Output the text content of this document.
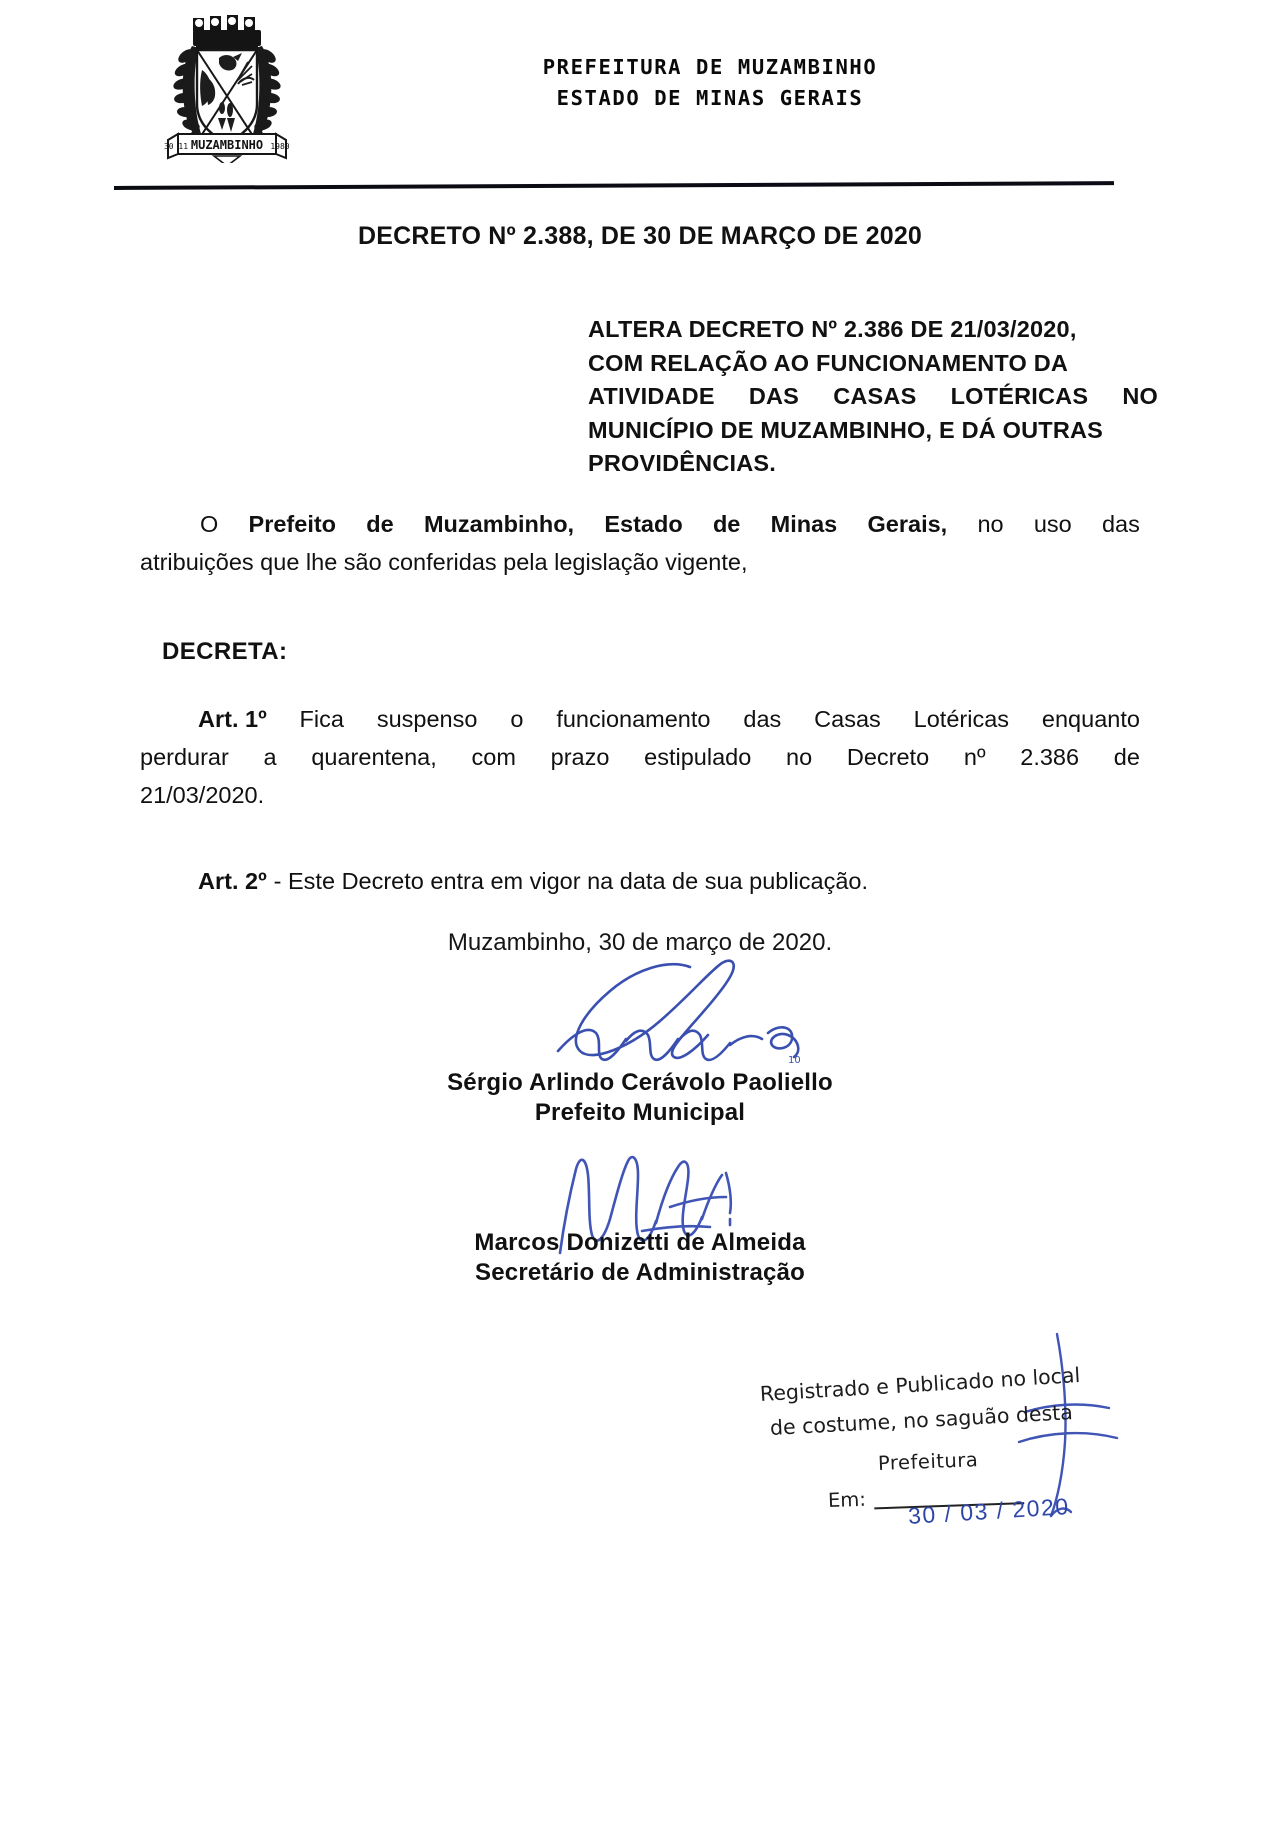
MUZAMBINHO
30 11	1980
PREFEITURA DE MUZAMBINHO
ESTADO DE MINAS GERAIS
DECRETO Nº 2.388, DE 30 DE MARÇO DE 2020
ALTERA DECRETO Nº 2.386 DE 21/03/2020,
COM RELAÇÃO AO FUNCIONAMENTO DA
ATIVIDADE DAS CASAS LOTÉRICAS NO
MUNICÍPIO DE MUZAMBINHO, E DÁ OUTRAS
PROVIDÊNCIAS.
O Prefeito de Muzambinho, Estado de Minas Gerais, no uso das
atribuições que lhe são conferidas pela legislação vigente,
DECRETA:
Art. 1º Fica suspenso o funcionamento das Casas Lotéricas enquanto
perdurar a quarentena, com prazo estipulado no Decreto nº 2.386 de
21/03/2020.
Art. 2º - Este Decreto entra em vigor na data de sua publicação.
Muzambinho, 30 de março de 2020.
10
Sérgio Arlindo Cerávolo Paoliello
Prefeito Municipal
Marcos Donizetti de Almeida
Secretário de Administração
Registrado e Publicado no local
de costume, no saguão desta
Prefeitura
Em:	30 / 03 / 2020
